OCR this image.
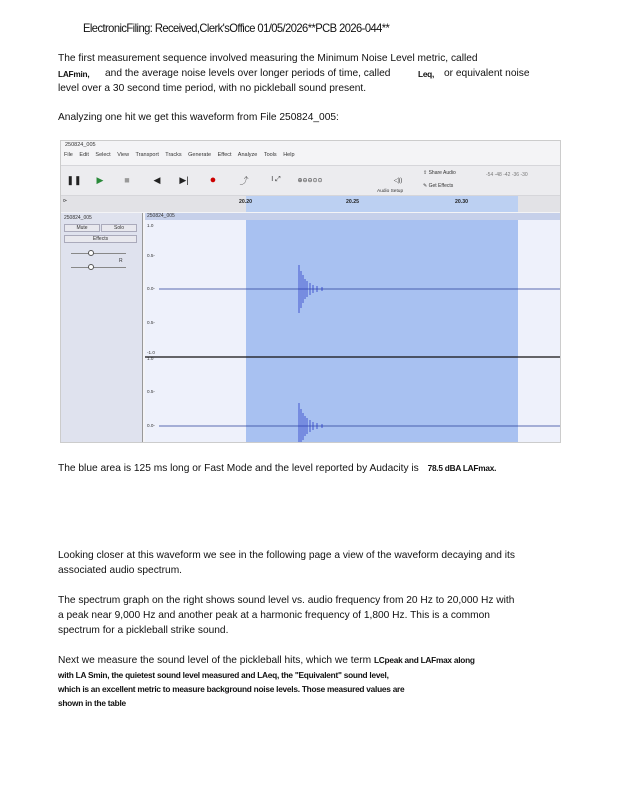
ElectronicFiling: Received,Clerk'sOffice 01/05/2026**PCB 2026-044**
The first measurement sequence involved measuring the Minimum Noise Level metric, called
LAFmin, and the average noise levels over longer periods of time, called	Leq, or equivalent noise
level over a 30 second time period, with no pickleball sound present.
Analyzing one hit we get this waveform from File 250824_005:
250824_005
File Edit Select View Transport Tracks Generate Effect Analyze Tools Help
❚❚	▶	■	◀	▶|	●	⤴	I ⤢	⊕⊖⊖⊙⊙	◁))
Audio Setup
⇪ Share Audio
✎ Get Effects
-54 -48 -42 -36 -30
⊳	20.20	20.25	20.30
250824_005
Mute	Solo
Effects
R
250824_005
1.0
0.5-
0.0-
0.5-
-1.0
1.0
0.5-
0.0-
The blue area is 125 ms long or Fast Mode and the level reported by Audacity is 78.5 dBA LAFmax.
Looking closer at this waveform we see in the following page a view of the waveform decaying and its
associated audio spectrum.
The spectrum graph on the right shows sound level vs. audio frequency from 20 Hz to 20,000 Hz with
a peak near 9,000 Hz and another peak at a harmonic frequency of 1,800 Hz. This is a common
spectrum for a pickleball strike sound.
Next we measure the sound level of the pickleball hits, which we term LCpeak and LAFmax along
with LA Smin, the quietest sound level measured and LAeq, the "Equivalent" sound level,
which is an excellent metric to measure background noise levels. Those measured values are
shown in the table
